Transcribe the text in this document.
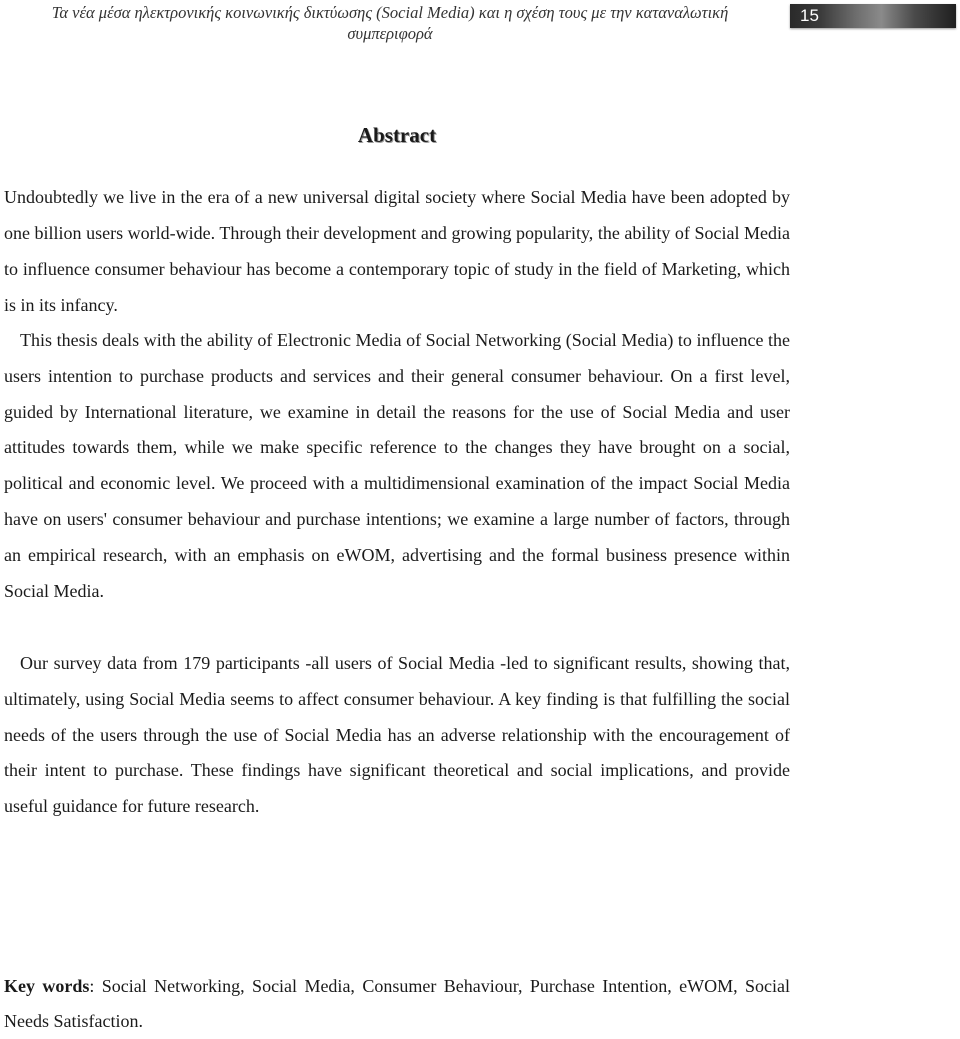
Τα νέα μέσα ηλεκτρονικής κοινωνικής δικτύωσης (Social Media) και η σχέση τους με την καταναλωτική συμπεριφορά
15
Abstract

Undoubtedly we live in the era of a new universal digital society where Social Media have been adopted by one billion users world-wide. Through their development and growing popularity, the ability of Social Media to influence consumer behaviour has become a contemporary topic of study in the field of Marketing, which is in its infancy.

This thesis deals with the ability of Electronic Media of Social Networking (Social Media) to influence the users intention to purchase products and services and their general consumer behaviour. On a first level, guided by International literature, we examine in detail the reasons for the use of Social Media and user attitudes towards them, while we make specific reference to the changes they have brought on a social, political and economic level. We proceed with a multidimensional examination of the impact Social Media have on users' consumer behaviour and purchase intentions; we examine a large number of factors, through an empirical research, with an emphasis on eWOM, advertising and the formal business presence within Social Media.

Our survey data from 179 participants -all users of Social Media -led to significant results, showing that, ultimately, using Social Media seems to affect consumer behaviour. A key finding is that fulfilling the social needs of the users through the use of Social Media has an adverse relationship with the encouragement of their intent to purchase. These findings have significant theoretical and social implications, and provide useful guidance for future research.

Key words: Social Networking, Social Media, Consumer Behaviour, Purchase Intention, eWOM, Social Needs Satisfaction.
